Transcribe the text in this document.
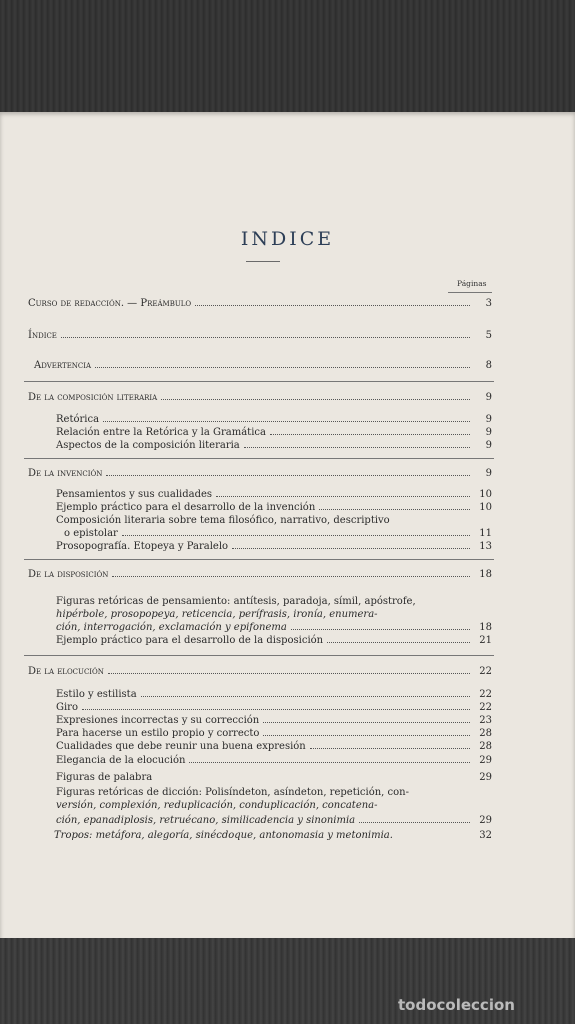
INDICE
Páginas
Curso de redacción. — Preámbulo	3
Índice	5
Advertencia	8
De la composición literaria	9
Retórica	9
Relación entre la Retórica y la Gramática	9
Aspectos de la composición literaria	9
De la invención	9
Pensamientos y sus cualidades	10
Ejemplo práctico para el desarrollo de la invención	10
Composición literaria sobre tema filosófico, narrativo, descriptivo
o epistolar	11
Prosopografía. Etopeya y Paralelo	13
De la disposición	18
Figuras retóricas de pensamiento: antítesis, paradoja, símil, apóstrofe,
hipérbole, prosopopeya, reticencia, perífrasis, ironía, enumera-
ción, interrogación, exclamación y epifonema	18
Ejemplo práctico para el desarrollo de la disposición	21
De la elocución	22
Estilo y estilista	22
Giro	22
Expresiones incorrectas y su corrección	23
Para hacerse un estilo propio y correcto	28
Cualidades que debe reunir una buena expresión	28
Elegancia de la elocución	29
Figuras de palabra	29
Figuras retóricas de dicción: Polisíndeton, asíndeton, repetición, con-
versión, complexión, reduplicación, conduplicación, concatena-
ción, epanadiplosis, retruécano, similicadencia y sinonimia	29
Tropos: metáfora, alegoría, sinécdoque, antonomasia y metonimia.	32
todocoleccion
